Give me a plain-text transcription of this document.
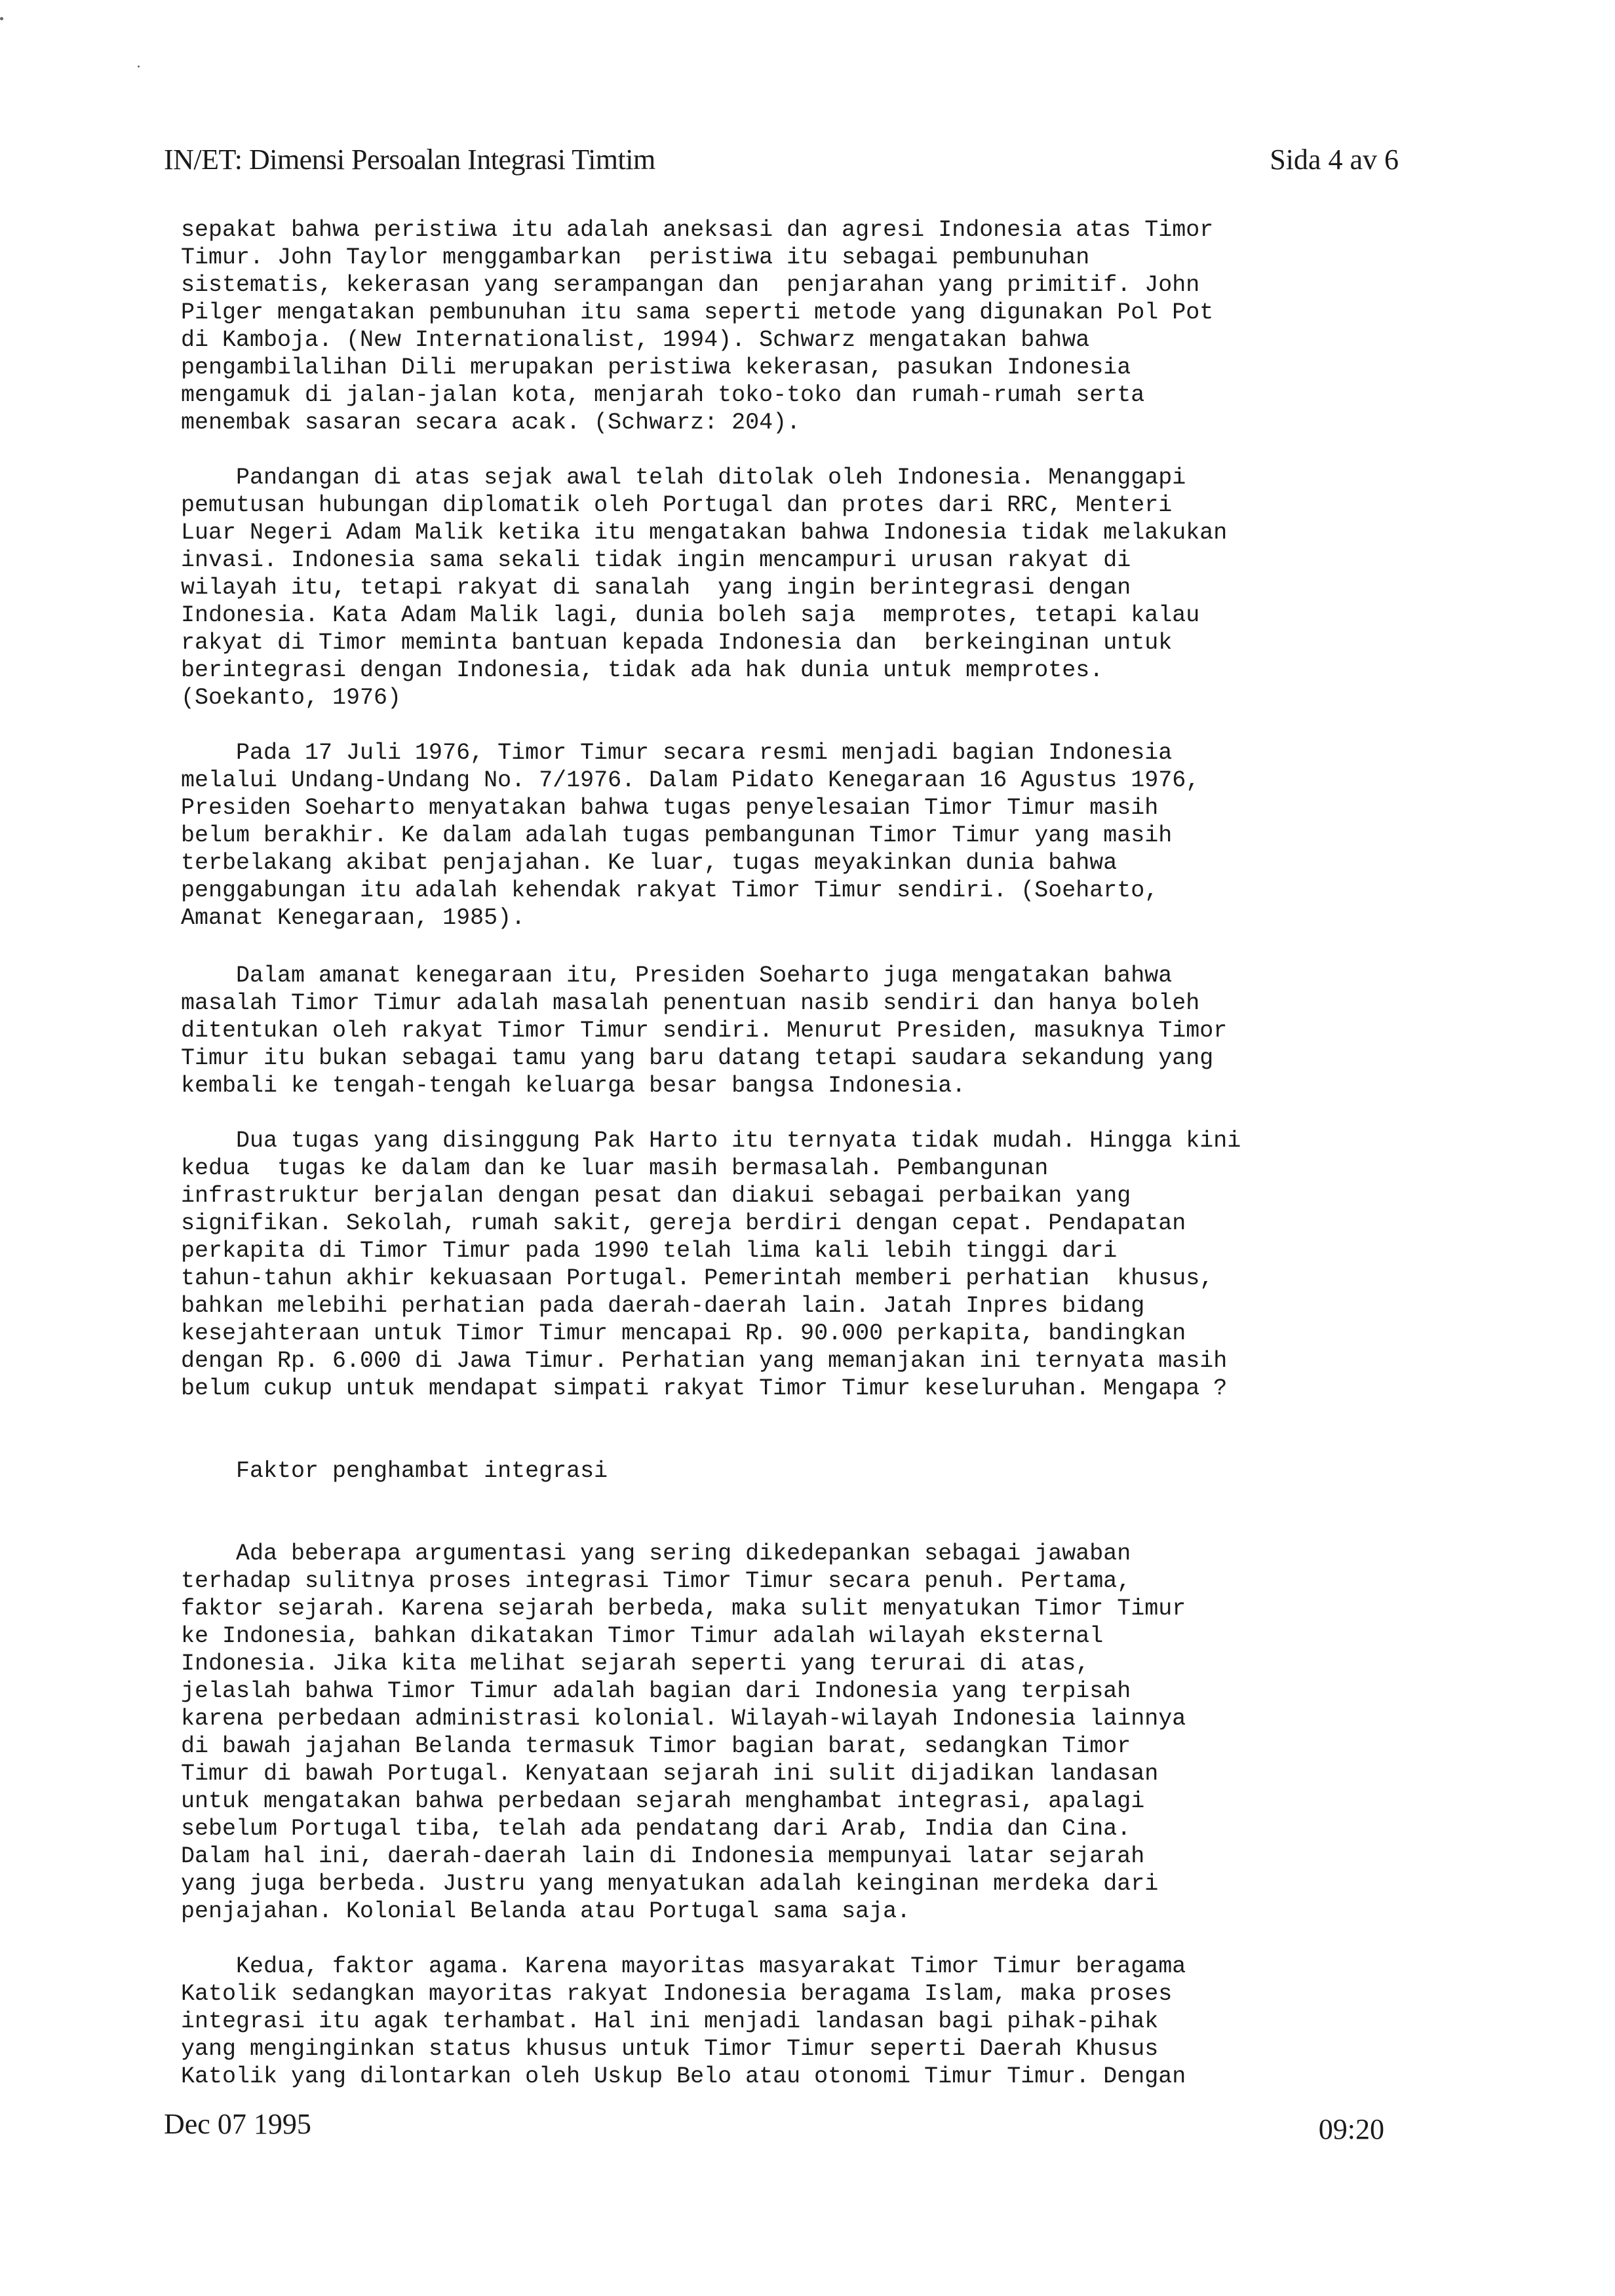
IN/ET: Dimensi Persoalan Integrasi Timtim	Sida 4 av 6
sepakat bahwa peristiwa itu adalah aneksasi dan agresi Indonesia atas Timor
Timur. John Taylor menggambarkan  peristiwa itu sebagai pembunuhan
sistematis, kekerasan yang serampangan dan  penjarahan yang primitif. John
Pilger mengatakan pembunuhan itu sama seperti metode yang digunakan Pol Pot
di Kamboja. (New Internationalist, 1994). Schwarz mengatakan bahwa
pengambilalihan Dili merupakan peristiwa kekerasan, pasukan Indonesia
mengamuk di jalan-jalan kota, menjarah toko-toko dan rumah-rumah serta
menembak sasaran secara acak. (Schwarz: 204).
Pandangan di atas sejak awal telah ditolak oleh Indonesia. Menanggapi
pemutusan hubungan diplomatik oleh Portugal dan protes dari RRC, Menteri
Luar Negeri Adam Malik ketika itu mengatakan bahwa Indonesia tidak melakukan
invasi. Indonesia sama sekali tidak ingin mencampuri urusan rakyat di
wilayah itu, tetapi rakyat di sanalah  yang ingin berintegrasi dengan
Indonesia. Kata Adam Malik lagi, dunia boleh saja  memprotes, tetapi kalau
rakyat di Timor meminta bantuan kepada Indonesia dan  berkeinginan untuk
berintegrasi dengan Indonesia, tidak ada hak dunia untuk memprotes.
(Soekanto, 1976)
Pada 17 Juli 1976, Timor Timur secara resmi menjadi bagian Indonesia
melalui Undang-Undang No. 7/1976. Dalam Pidato Kenegaraan 16 Agustus 1976,
Presiden Soeharto menyatakan bahwa tugas penyelesaian Timor Timur masih
belum berakhir. Ke dalam adalah tugas pembangunan Timor Timur yang masih
terbelakang akibat penjajahan. Ke luar, tugas meyakinkan dunia bahwa
penggabungan itu adalah kehendak rakyat Timor Timur sendiri. (Soeharto,
Amanat Kenegaraan, 1985).
Dalam amanat kenegaraan itu, Presiden Soeharto juga mengatakan bahwa
masalah Timor Timur adalah masalah penentuan nasib sendiri dan hanya boleh
ditentukan oleh rakyat Timor Timur sendiri. Menurut Presiden, masuknya Timor
Timur itu bukan sebagai tamu yang baru datang tetapi saudara sekandung yang
kembali ke tengah-tengah keluarga besar bangsa Indonesia.
Dua tugas yang disinggung Pak Harto itu ternyata tidak mudah. Hingga kini
kedua  tugas ke dalam dan ke luar masih bermasalah. Pembangunan
infrastruktur berjalan dengan pesat dan diakui sebagai perbaikan yang
signifikan. Sekolah, rumah sakit, gereja berdiri dengan cepat. Pendapatan
perkapita di Timor Timur pada 1990 telah lima kali lebih tinggi dari
tahun-tahun akhir kekuasaan Portugal. Pemerintah memberi perhatian  khusus,
bahkan melebihi perhatian pada daerah-daerah lain. Jatah Inpres bidang
kesejahteraan untuk Timor Timur mencapai Rp. 90.000 perkapita, bandingkan
dengan Rp. 6.000 di Jawa Timur. Perhatian yang memanjakan ini ternyata masih
belum cukup untuk mendapat simpati rakyat Timor Timur keseluruhan. Mengapa ?
Faktor penghambat integrasi
Ada beberapa argumentasi yang sering dikedepankan sebagai jawaban
terhadap sulitnya proses integrasi Timor Timur secara penuh. Pertama,
faktor sejarah. Karena sejarah berbeda, maka sulit menyatukan Timor Timur
ke Indonesia, bahkan dikatakan Timor Timur adalah wilayah eksternal
Indonesia. Jika kita melihat sejarah seperti yang terurai di atas,
jelaslah bahwa Timor Timur adalah bagian dari Indonesia yang terpisah
karena perbedaan administrasi kolonial. Wilayah-wilayah Indonesia lainnya
di bawah jajahan Belanda termasuk Timor bagian barat, sedangkan Timor
Timur di bawah Portugal. Kenyataan sejarah ini sulit dijadikan landasan
untuk mengatakan bahwa perbedaan sejarah menghambat integrasi, apalagi
sebelum Portugal tiba, telah ada pendatang dari Arab, India dan Cina.
Dalam hal ini, daerah-daerah lain di Indonesia mempunyai latar sejarah
yang juga berbeda. Justru yang menyatukan adalah keinginan merdeka dari
penjajahan. Kolonial Belanda atau Portugal sama saja.
Kedua, faktor agama. Karena mayoritas masyarakat Timor Timur beragama
Katolik sedangkan mayoritas rakyat Indonesia beragama Islam, maka proses
integrasi itu agak terhambat. Hal ini menjadi landasan bagi pihak-pihak
yang menginginkan status khusus untuk Timor Timur seperti Daerah Khusus
Katolik yang dilontarkan oleh Uskup Belo atau otonomi Timur Timur. Dengan
Dec 07 1995	09:20
